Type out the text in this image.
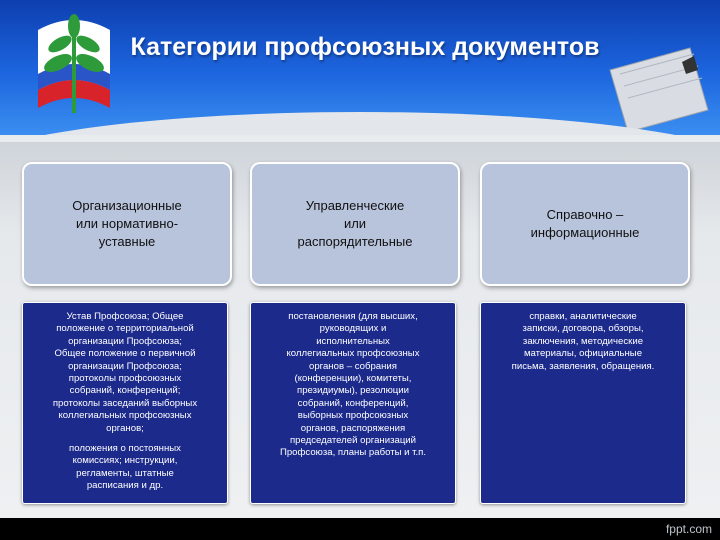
Категории профсоюзных документов
Организационные
или нормативно-
уставные
Управленческие
или
распорядительные
Справочно –
информационные
Устав Профсоюза; Общее
положение о территориальной
организации Профсоюза;
Общее положение о первичной
организации Профсоюза;
протоколы профсоюзных
собраний, конференций;
протоколы заседаний выборных
коллегиальных профсоюзных
органов;
положения о постоянных
комиссиях; инструкции,
регламенты, штатные
расписания и др.
постановления (для высших,
руководящих и
исполнительных
коллегиальных профсоюзных
органов – собрания
(конференции), комитеты,
президиумы), резолюции
собраний, конференций,
выборных профсоюзных
органов, распоряжения
председателей организаций
Профсоюза, планы работы и т.п.
справки, аналитические
записки, договора, обзоры,
заключения, методические
материалы, официальные
письма, заявления, обращения.
fppt.com
